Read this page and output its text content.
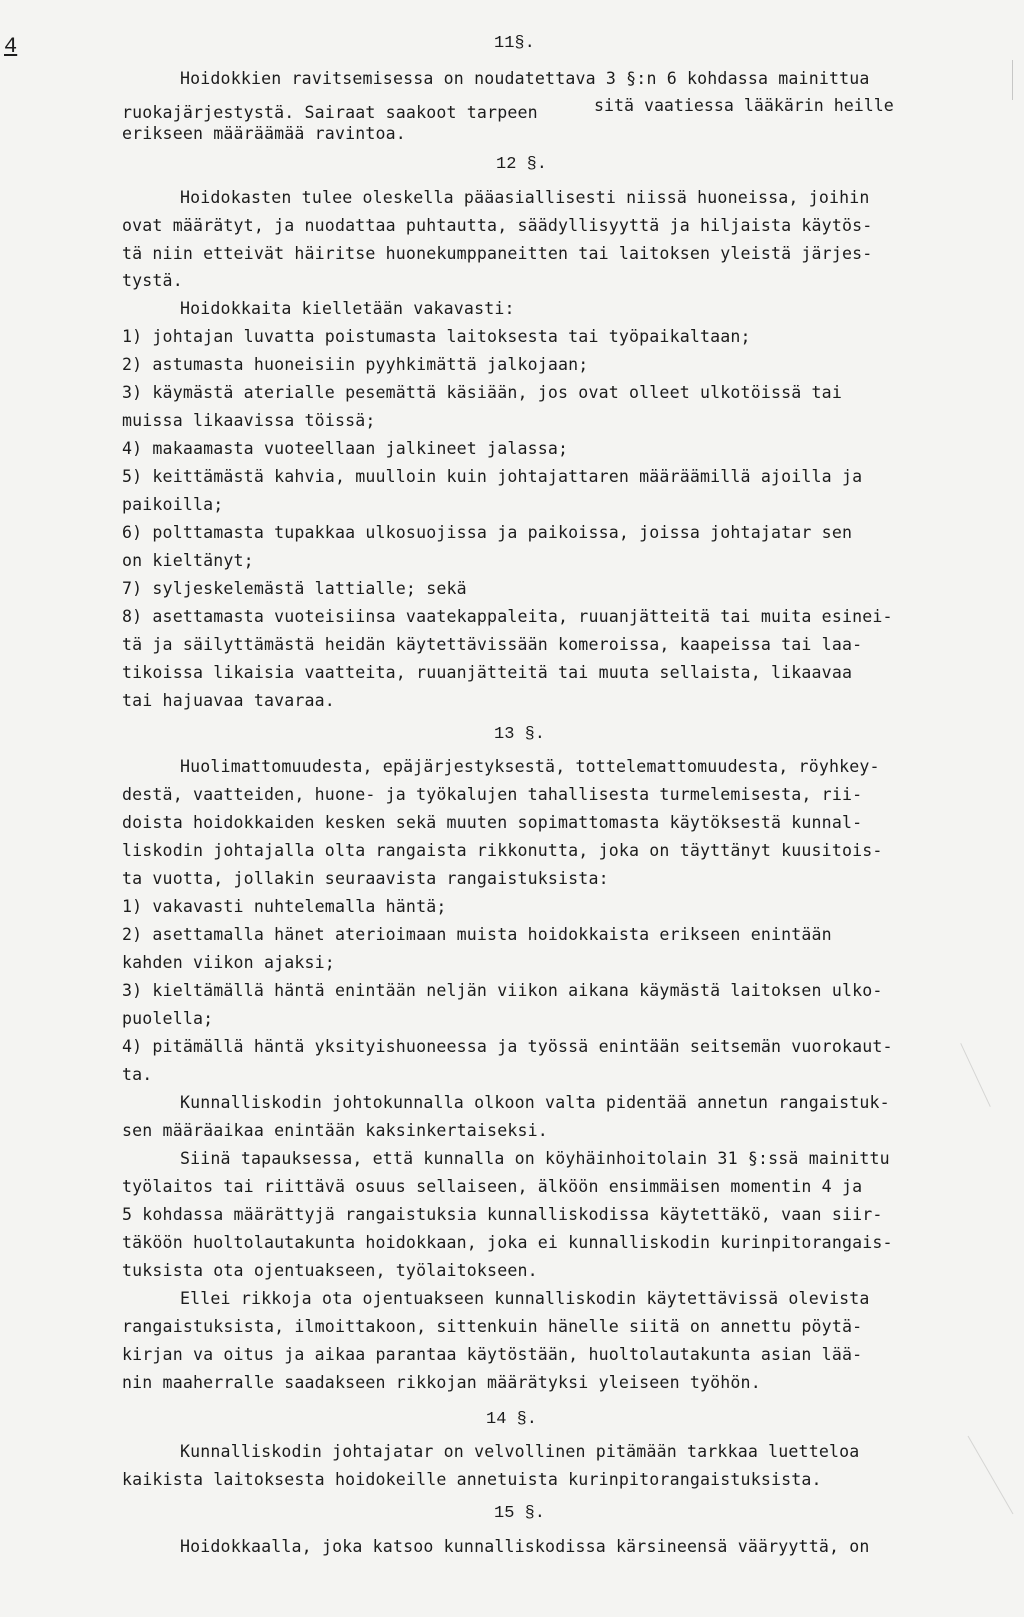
4	11§.
Hoidokkien ravitsemisessa on noudatettava 3 §:n 6 kohdassa mainittua
ruokajärjestystä. Sairaat saakoot tarpeen	sitä vaatiessa lääkärin heille
erikseen määräämää ravintoa.
12 §.
Hoidokasten tulee oleskella pääasiallisesti niissä huoneissa, joihin
ovat määrätyt, ja nuodattaa puhtautta, säädyllisyyttä ja hiljaista käytös-
tä niin etteivät häiritse huonekumppaneitten tai laitoksen yleistä järjes-
tystä.
Hoidokkaita kielletään vakavasti:
1) johtajan luvatta poistumasta laitoksesta tai työpaikaltaan;
2) astumasta huoneisiin pyyhkimättä jalkojaan;
3) käymästä aterialle pesemättä käsiään, jos ovat olleet ulkotöissä tai
muissa likaavissa töissä;
4) makaamasta vuoteellaan jalkineet jalassa;
5) keittämästä kahvia, muulloin kuin johtajattaren määräämillä ajoilla ja
paikoilla;
6) polttamasta tupakkaa ulkosuojissa ja paikoissa, joissa johtajatar sen
on kieltänyt;
7) syljeskelemästä lattialle; sekä
8) asettamasta vuoteisiinsa vaatekappaleita, ruuanjätteitä tai muita esinei-
tä ja säilyttämästä heidän käytettävissään komeroissa, kaapeissa tai laa-
tikoissa likaisia vaatteita, ruuanjätteitä tai muuta sellaista, likaavaa
tai hajuavaa tavaraa.
13 §.
Huolimattomuudesta, epäjärjestyksestä, tottelemattomuudesta, röyhkey-
destä, vaatteiden, huone- ja työkalujen tahallisesta turmelemisesta, rii-
doista hoidokkaiden kesken sekä muuten sopimattomasta käytöksestä kunnal-
liskodin johtajalla olta rangaista rikkonutta, joka on täyttänyt kuusitois-
ta vuotta, jollakin seuraavista rangaistuksista:
1) vakavasti nuhtelemalla häntä;
2) asettamalla hänet aterioimaan muista hoidokkaista erikseen enintään
kahden viikon ajaksi;
3) kieltämällä häntä enintään neljän viikon aikana käymästä laitoksen ulko-
puolella;
4) pitämällä häntä yksityishuoneessa ja työssä enintään seitsemän vuorokaut-
ta.
Kunnalliskodin johtokunnalla olkoon valta pidentää annetun rangaistuk-
sen määräaikaa enintään kaksinkertaiseksi.
Siinä tapauksessa, että kunnalla on köyhäinhoitolain 31 §:ssä mainittu
työlaitos tai riittävä osuus sellaiseen, älköön ensimmäisen momentin 4 ja
5 kohdassa määrättyjä rangaistuksia kunnalliskodissa käytettäkö, vaan siir-
täköön huoltolautakunta hoidokkaan, joka ei kunnalliskodin kurinpitorangais-
tuksista ota ojentuakseen, työlaitokseen.
Ellei rikkoja ota ojentuakseen kunnalliskodin käytettävissä olevista
rangaistuksista, ilmoittakoon, sittenkuin hänelle siitä on annettu pöytä-
kirjan va oitus ja aikaa parantaa käytöstään, huoltolautakunta asian lää-
nin maaherralle saadakseen rikkojan määrätyksi yleiseen työhön.
14 §.
Kunnalliskodin johtajatar on velvollinen pitämään tarkkaa luetteloa
kaikista laitoksesta hoidokeille annetuista kurinpitorangaistuksista.
15 §.
Hoidokkaalla, joka katsoo kunnalliskodissa kärsineensä vääryyttä, on
